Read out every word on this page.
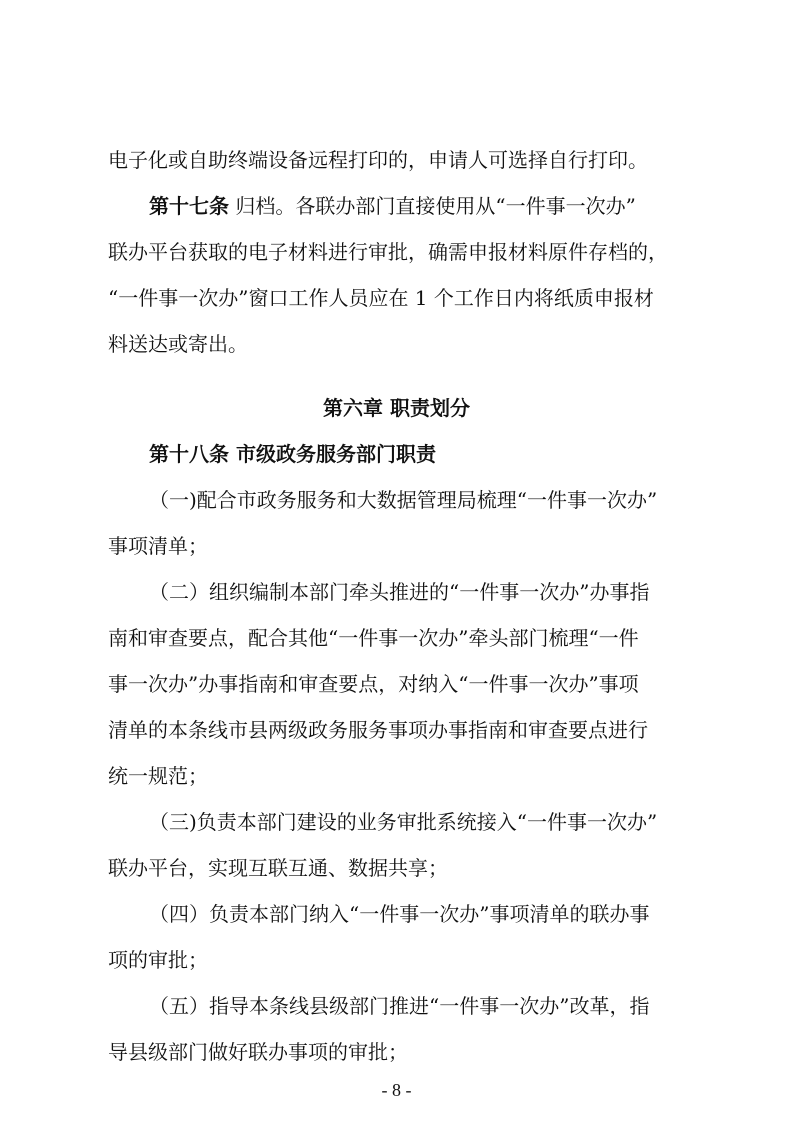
电子化或自助终端设备远程打印的，申请人可选择自行打印。
第十七条 归档。各联办部门直接使用从“一件事一次办”
联办平台获取的电子材料进行审批，确需申报材料原件存档的，
“一件事一次办”窗口工作人员应在 1 个工作日内将纸质申报材
料送达或寄出。
第六章 职责划分
第十八条 市级政务服务部门职责
（一)配合市政务服务和大数据管理局梳理“一件事一次办”
事项清单；
（二）组织编制本部门牵头推进的“一件事一次办”办事指
南和审查要点，配合其他“一件事一次办”牵头部门梳理“一件
事一次办”办事指南和审查要点，对纳入“一件事一次办”事项
清单的本条线市县两级政务服务事项办事指南和审查要点进行
统一规范；
（三)负责本部门建设的业务审批系统接入“一件事一次办”
联办平台，实现互联互通、数据共享；
（四）负责本部门纳入“一件事一次办”事项清单的联办事
项的审批；
（五）指导本条线县级部门推进“一件事一次办”改革，指
导县级部门做好联办事项的审批；
- 8 -
